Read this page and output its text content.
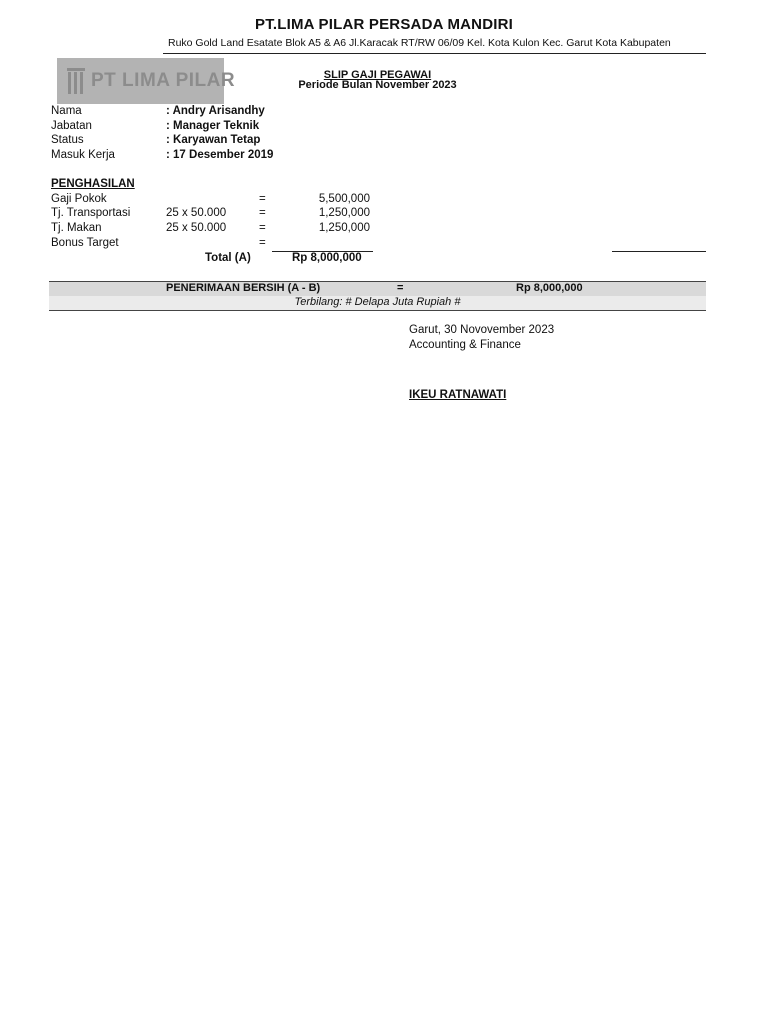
PT.LIMA PILAR PERSADA MANDIRI
Ruko Gold Land Esatate Blok A5 & A6 Jl.Karacak RT/RW 06/09 Kel. Kota Kulon Kec. Garut Kota Kabupaten
PT LIMA PILAR	SLIP GAJI PEGAWAI
Periode Bulan November 2023
Nama	: Andry Arisandhy
Jabatan	: Manager Teknik
Status	: Karyawan Tetap
Masuk Kerja	: 17 Desember 2019
PENGHASILAN
Gaji Pokok	=	5,500,000
Tj. Transportasi	25 x 50.000	=	1,250,000
Tj. Makan	25 x 50.000	=	1,250,000
Bonus Target	=
Total (A)	Rp 8,000,000
PENERIMAAN BERSIH (A - B)	=	Rp 8,000,000
Terbilang: # Delapa Juta Rupiah #
Garut, 30 Novovember 2023
Accounting & Finance
IKEU RATNAWATI
